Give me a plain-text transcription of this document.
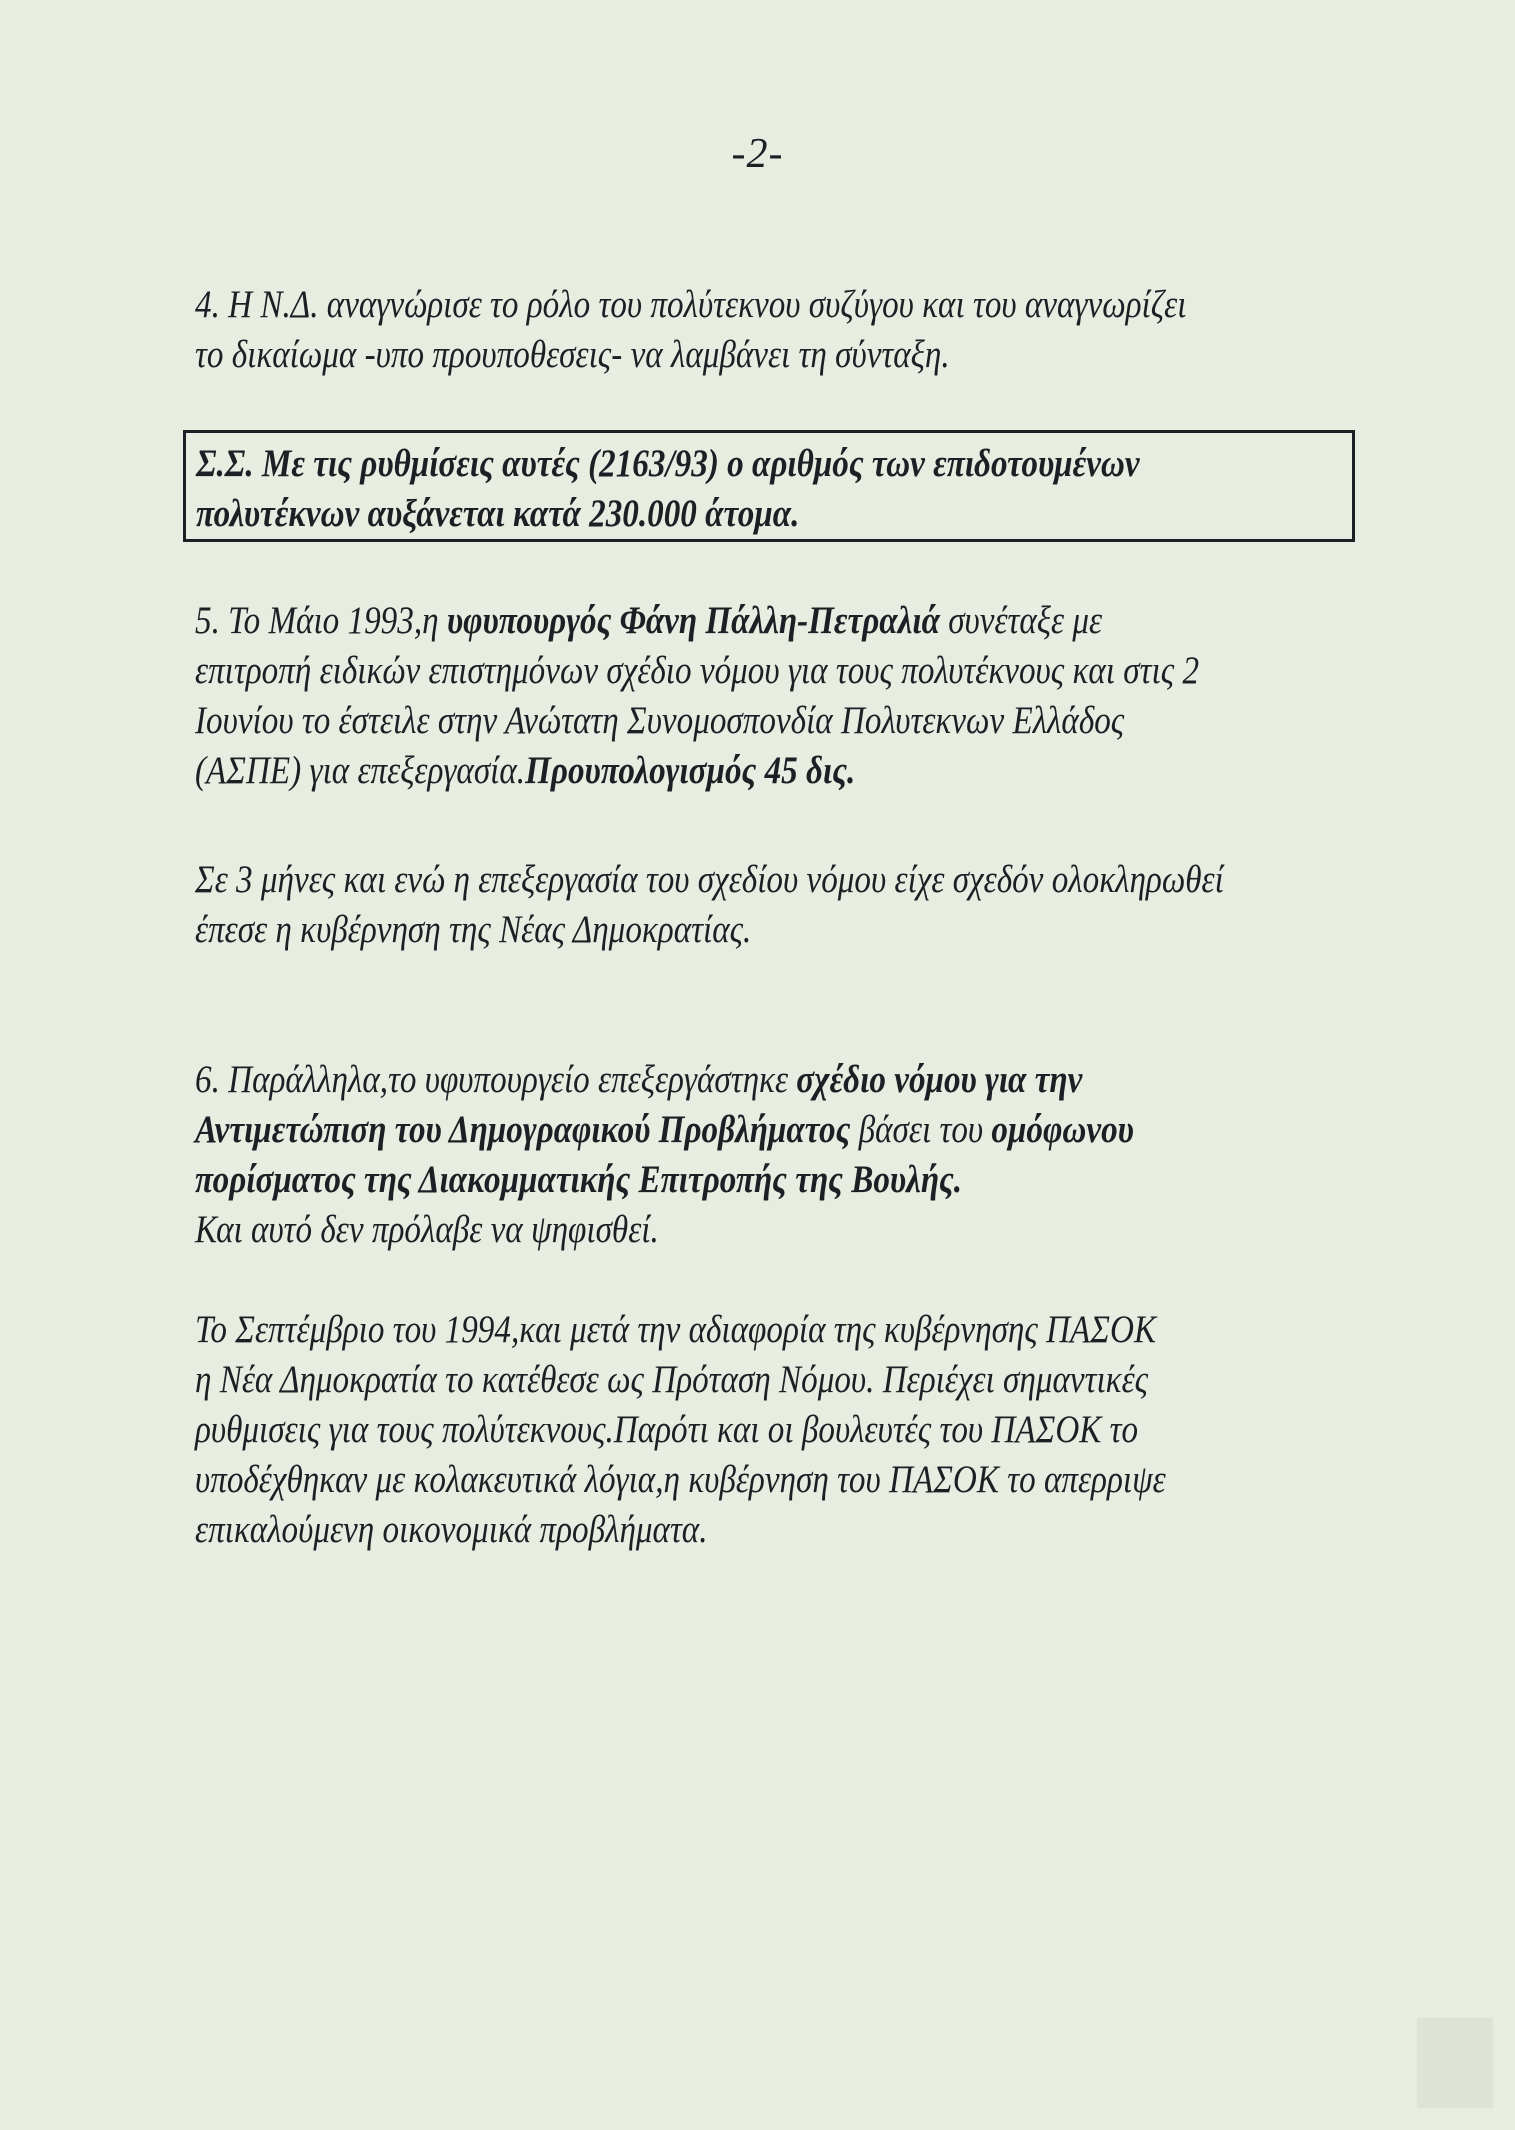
-2-
4. Η Ν.Δ. αναγνώρισε το ρόλο του πολύτεκνου συζύγου και του αναγνωρίζει
το δικαίωμα -υπο προυποθεσεις- να λαμβάνει τη σύνταξη.
Σ.Σ. Με τις ρυθμίσεις αυτές (2163/93) ο αριθμός των επιδοτουμένων
πολυτέκνων αυξάνεται κατά 230.000 άτομα.
5. Το Μάιο 1993,η υφυπουργός Φάνη Πάλλη-Πετραλιά συνέταξε με
επιτροπή ειδικών επιστημόνων σχέδιο νόμου για τους πολυτέκνους και στις 2
Ιουνίου το έστειλε στην Ανώτατη Συνομοσπονδία Πολυτεκνων Ελλάδος
(ΑΣΠΕ) για επεξεργασία.Προυπολογισμός 45 δις.
Σε 3 μήνες και ενώ η επεξεργασία του σχεδίου νόμου είχε σχεδόν ολοκληρωθεί
έπεσε η κυβέρνηση της Νέας Δημοκρατίας.
6. Παράλληλα,το υφυπουργείο επεξεργάστηκε σχέδιο νόμου για την
Αντιμετώπιση του Δημογραφικού Προβλήματος βάσει του ομόφωνου
πορίσματος της Διακομματικής Επιτροπής της Βουλής.
Και αυτό δεν πρόλαβε να ψηφισθεί.
Το Σεπτέμβριο του 1994,και μετά την αδιαφορία της κυβέρνησης ΠΑΣΟΚ
η Νέα Δημοκρατία το κατέθεσε ως Πρόταση Νόμου. Περιέχει σημαντικές
ρυθμισεις για τους πολύτεκνους.Παρότι και οι βουλευτές του ΠΑΣΟΚ το
υποδέχθηκαν με κολακευτικά λόγια,η κυβέρνηση του ΠΑΣΟΚ το απερριψε
επικαλούμενη οικονομικά προβλήματα.
